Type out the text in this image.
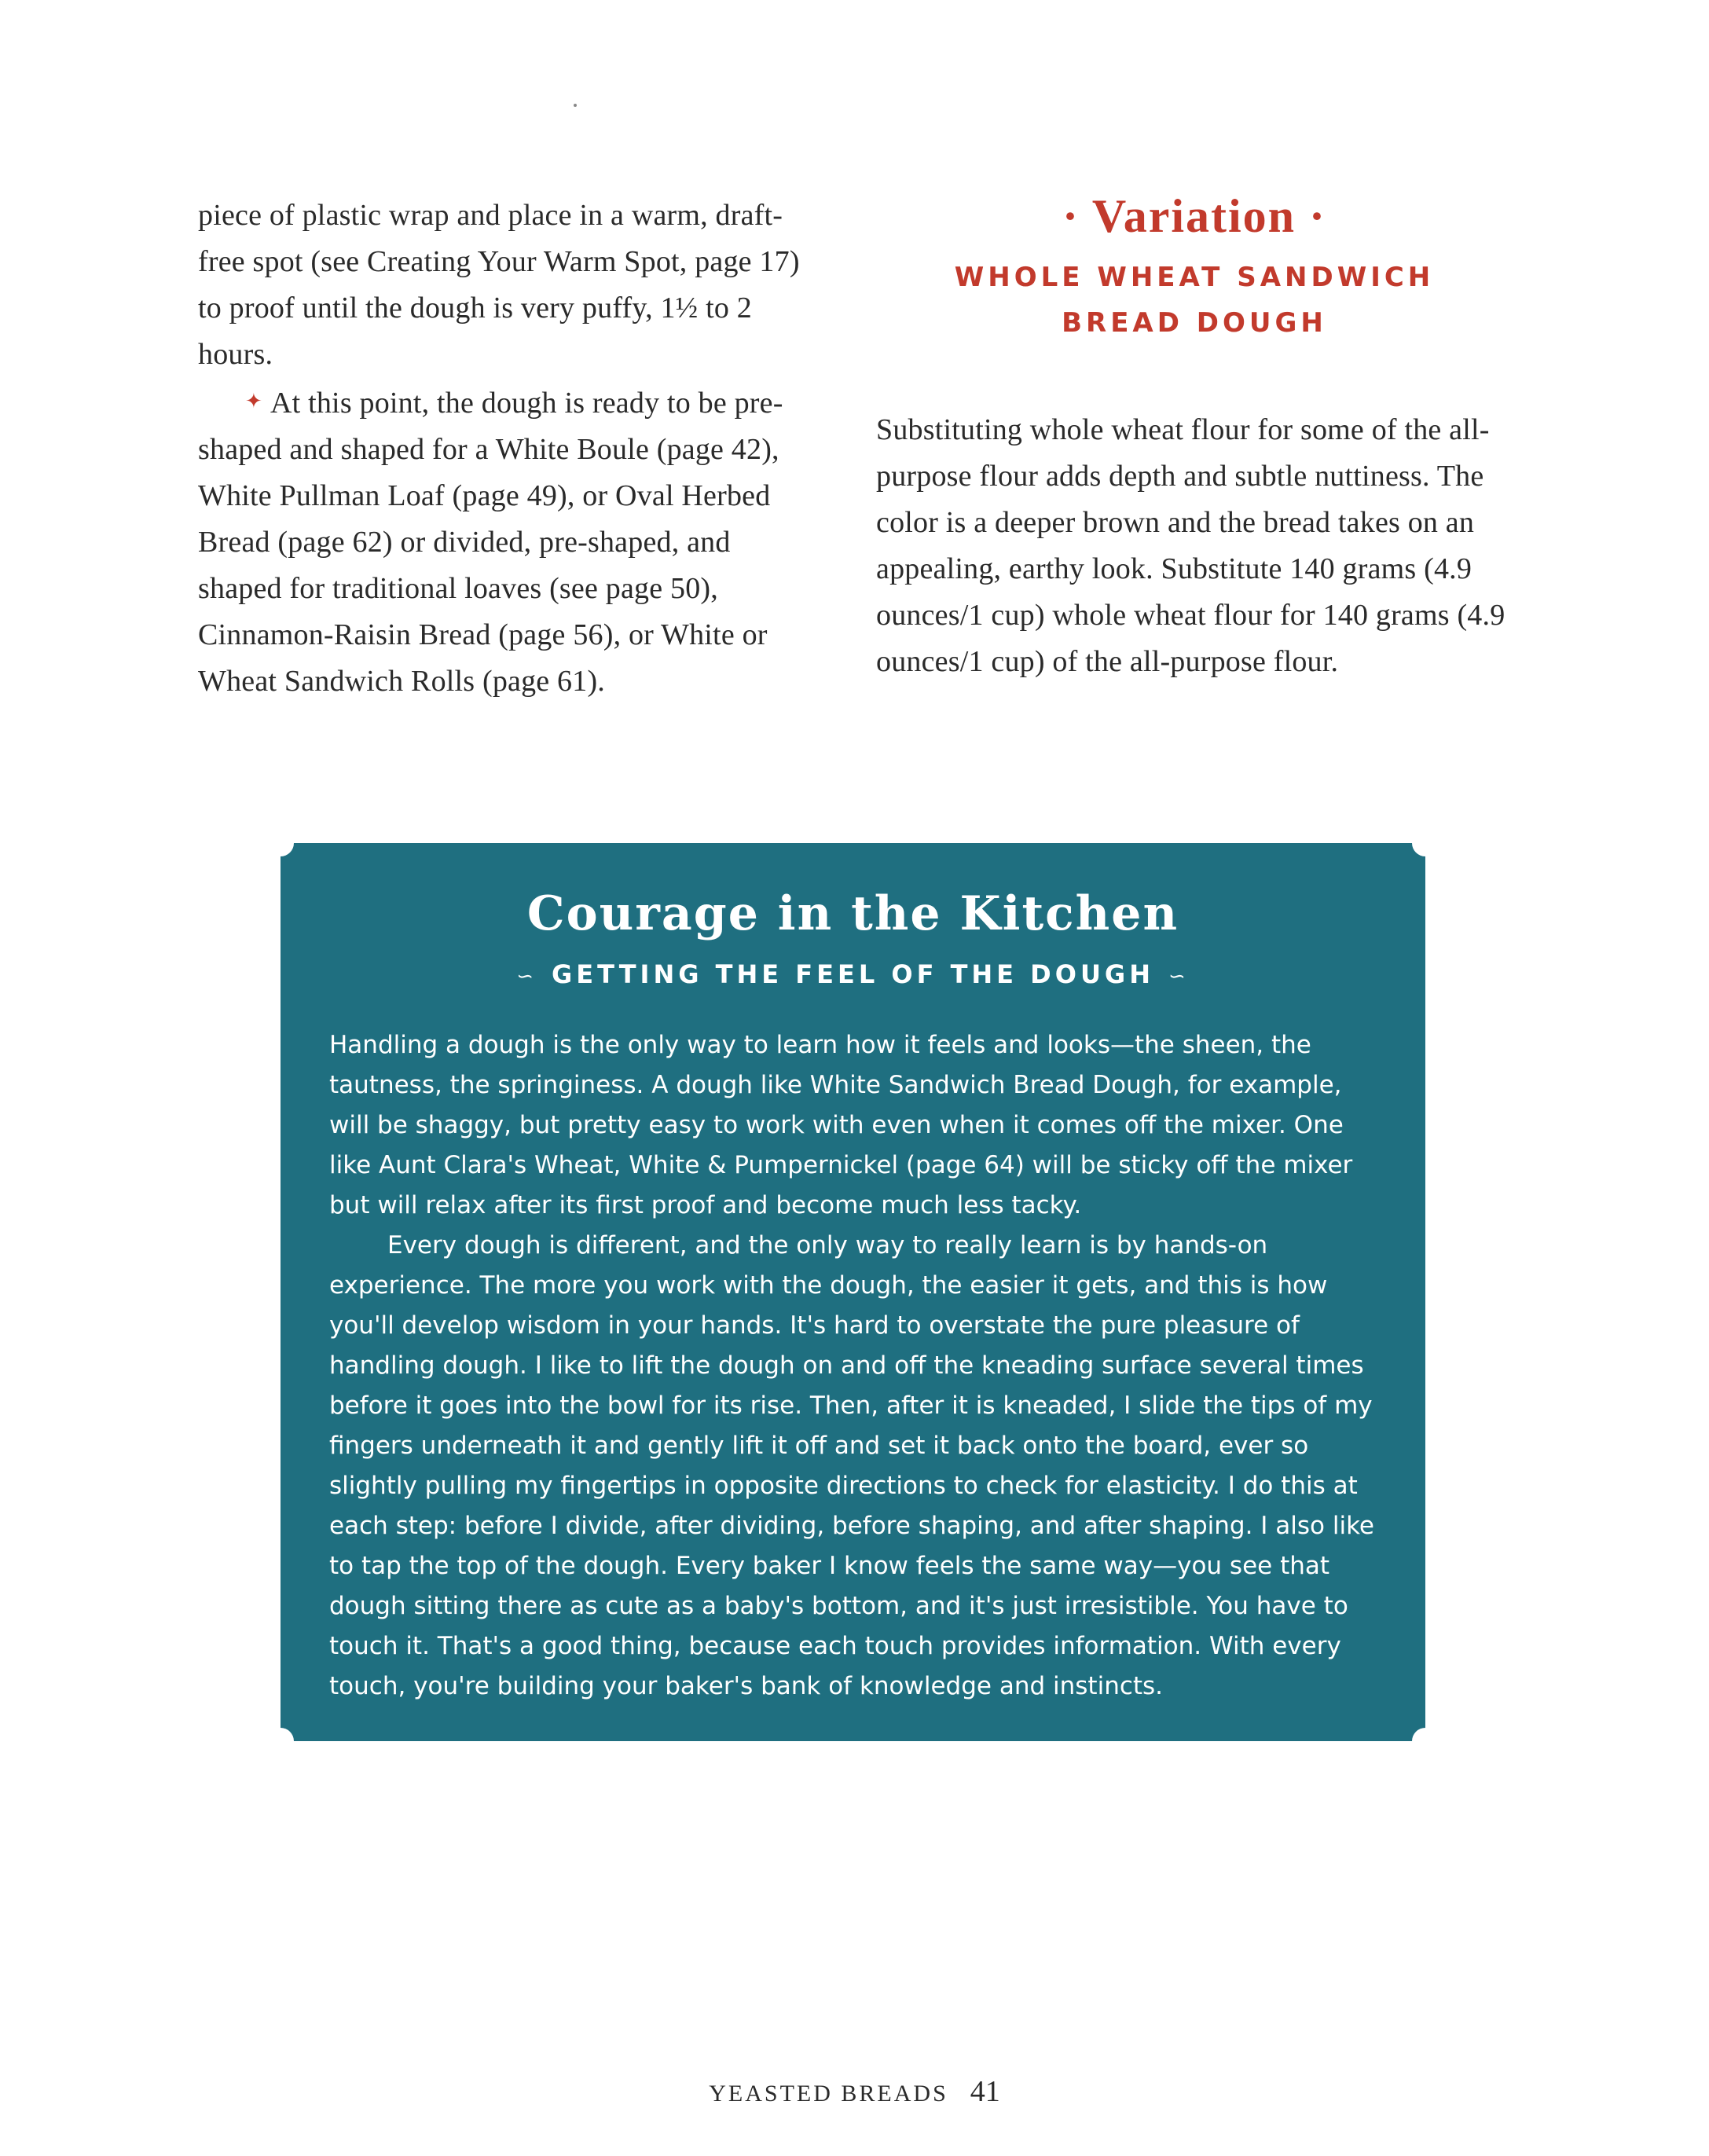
piece of plastic wrap and place in a warm, draft-free spot (see Creating Your Warm Spot, page 17) to proof until the dough is very puffy, 1½ to 2 hours.

✦ At this point, the dough is ready to be pre-shaped and shaped for a White Boule (page 42), White Pullman Loaf (page 49), or Oval Herbed Bread (page 62) or divided, pre-shaped, and shaped for traditional loaves (see page 50), Cinnamon-Raisin Bread (page 56), or White or Wheat Sandwich Rolls (page 61).

· Variation ·

WHOLE WHEAT SANDWICH

BREAD DOUGH

Substituting whole wheat flour for some of the all-purpose flour adds depth and subtle nuttiness. The color is a deeper brown and the bread takes on an appealing, earthy look. Substitute 140 grams (4.9 ounces/1 cup) whole wheat flour for 140 grams (4.9 ounces/1 cup) of the all-purpose flour.

Courage in the Kitchen
∽ GETTING THE FEEL OF THE DOUGH ∽

Handling a dough is the only way to learn how it feels and looks—the sheen, the tautness, the springiness. A dough like White Sandwich Bread Dough, for example, will be shaggy, but pretty easy to work with even when it comes off the mixer. One like Aunt Clara's Wheat, White & Pumpernickel (page 64) will be sticky off the mixer but will relax after its first proof and become much less tacky.

Every dough is different, and the only way to really learn is by hands-on experience. The more you work with the dough, the easier it gets, and this is how you'll develop wisdom in your hands. It's hard to overstate the pure pleasure of handling dough. I like to lift the dough on and off the kneading surface several times before it goes into the bowl for its rise. Then, after it is kneaded, I slide the tips of my fingers underneath it and gently lift it off and set it back onto the board, ever so slightly pulling my fingertips in opposite directions to check for elasticity. I do this at each step: before I divide, after dividing, before shaping, and after shaping. I also like to tap the top of the dough. Every baker I know feels the same way—you see that dough sitting there as cute as a baby's bottom, and it's just irresistible. You have to touch it. That's a good thing, because each touch provides information. With every touch, you're building your baker's bank of knowledge and instincts.

YEASTED BREADS 41
